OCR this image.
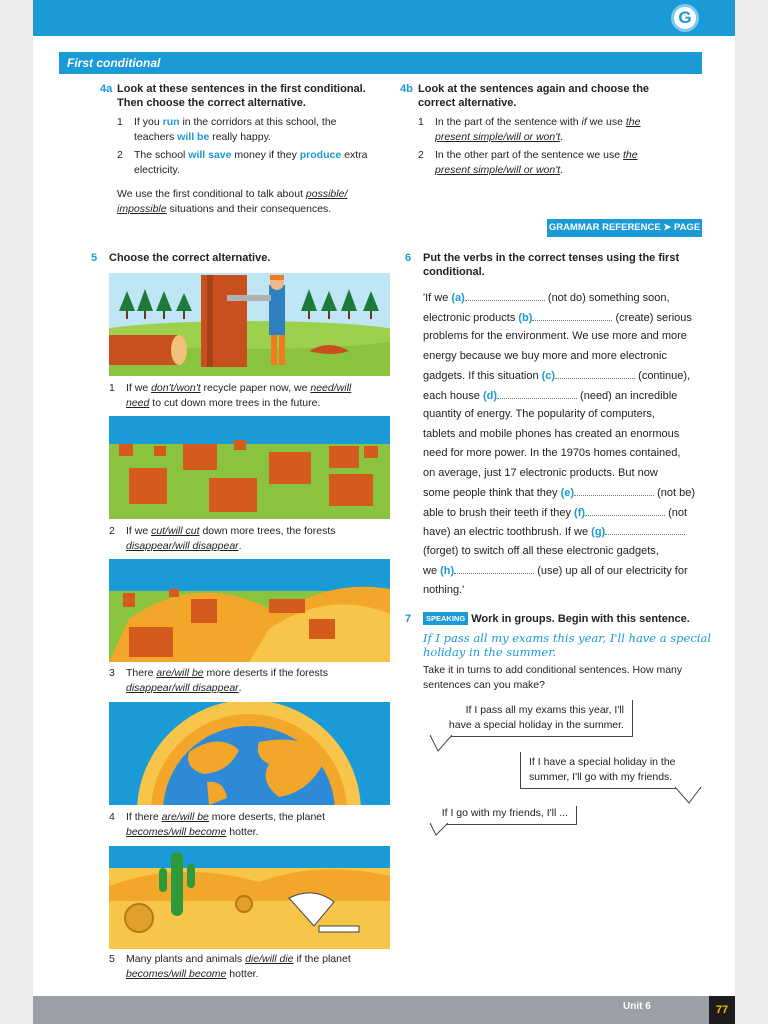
G
Unit 6	77
First conditional
4a Look at these sentences in the first conditional.
Then choose the correct alternative.
1 If you run in the corridors at this school, the
teachers will be really happy.
2 The school will save money if they produce extra
electricity.
We use the first conditional to talk about possible/
impossible situations and their consequences.
4b Look at the sentences again and choose the
correct alternative.
1 In the part of the sentence with if we use the
present simple/will or won't.
2 In the other part of the sentence we use the
present simple/will or won't.
GRAMMAR REFERENCE ➤ PAGE 80
5 Choose the correct alternative.
1 If we don't/won't recycle paper now, we need/will
need to cut down more trees in the future.
2 If we cut/will cut down more trees, the forests
disappear/will disappear.
3 There are/will be more deserts if the forests
disappear/will disappear.
4 If there are/will be more deserts, the planet
becomes/will become hotter.
5 Many plants and animals die/will die if the planet
becomes/will become hotter.
6 Put the verbs in the correct tenses using the first
conditional.
'If we (a)	(not do) something soon,
electronic products (b)	(create) serious
problems for the environment. We use more and more
energy because we buy more and more electronic
gadgets. If this situation (c)	(continue),
each house (d)	(need) an incredible
quantity of energy. The popularity of computers,
tablets and mobile phones has created an enormous
need for more power. In the 1970s homes contained,
on average, just 17 electronic products. But now
some people think that they (e)	(not be)
able to brush their teeth if they (f)	(not
have) an electric toothbrush. If we (g)
(forget) to switch off all these electronic gadgets,
we (h)	(use) up all of our electricity for
nothing.'
7	SPEAKING Work in groups. Begin with this sentence.
If I pass all my exams this year, I'll have a special
holiday in the summer.
Take it in turns to add conditional sentences. How many
sentences can you make?
If I pass all my exams this year, I'll
have a special holiday in the summer.
If I have a special holiday in the
summer, I'll go with my friends.
If I go with my friends, I'll ...
